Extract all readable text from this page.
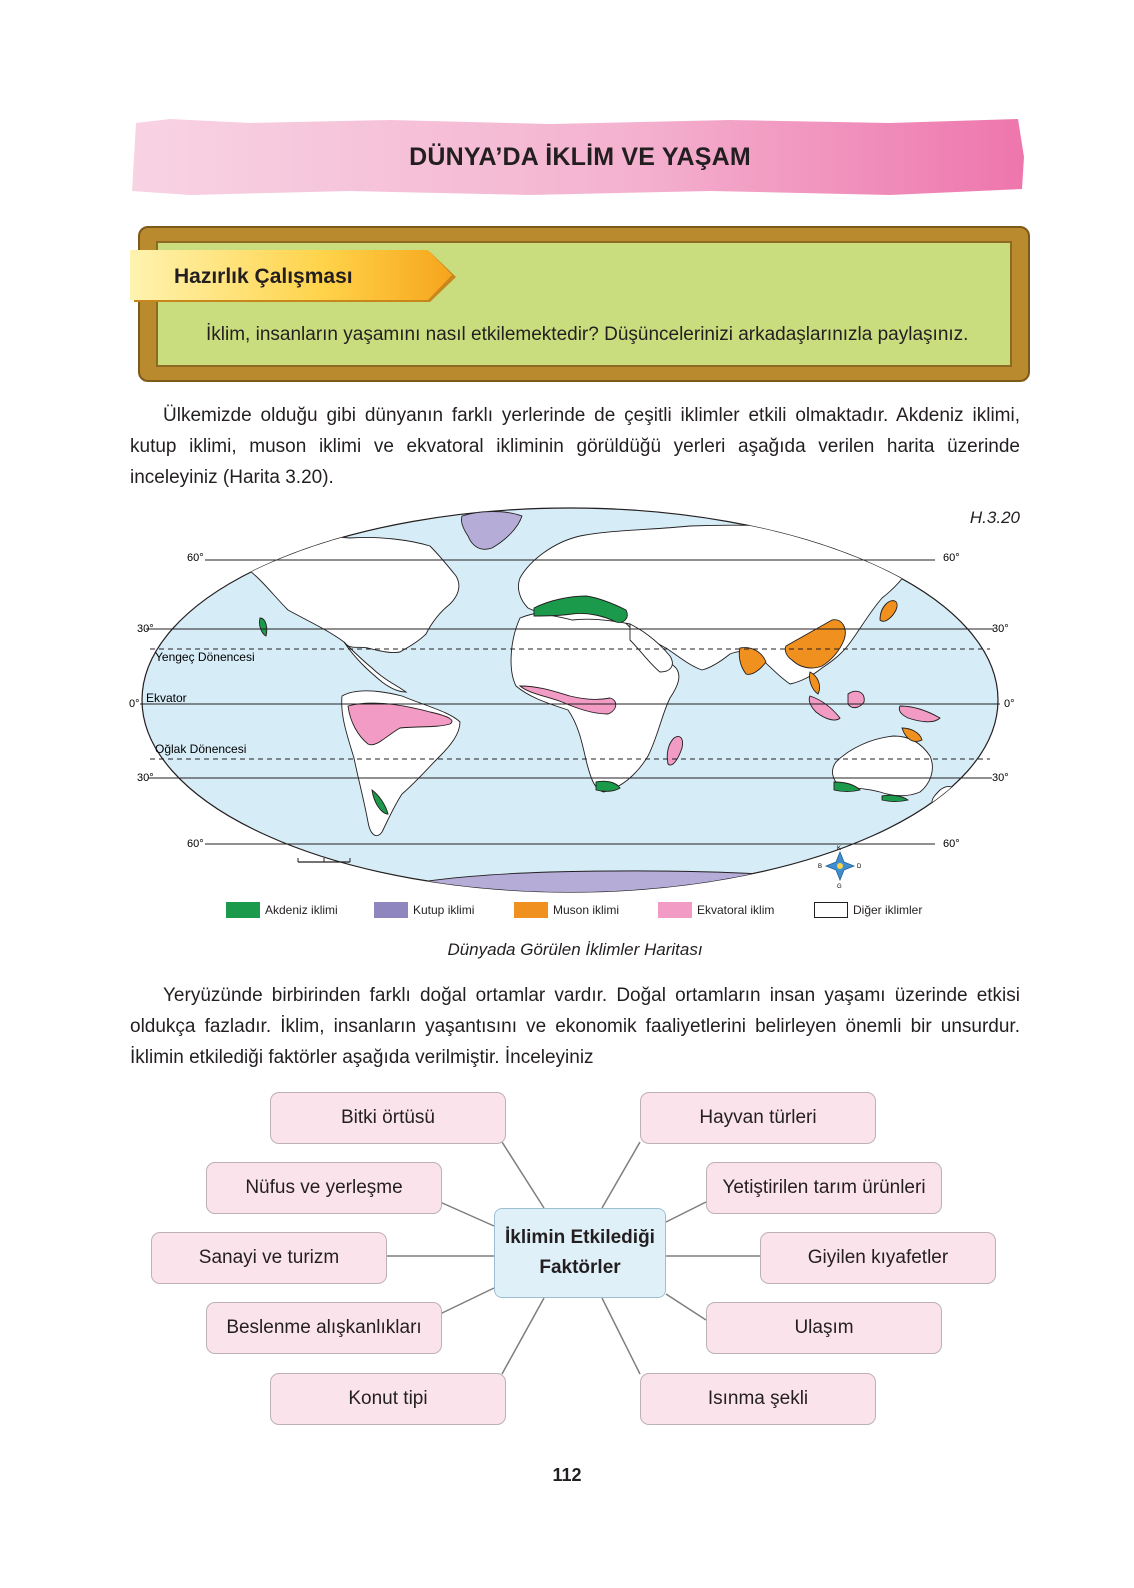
DÜNYA’DA İKLİM VE YAŞAM
Hazırlık Çalışması
İklim, insanların yaşamını nasıl etkilemektedir? Düşüncelerinizi arkadaşlarınızla paylaşınız.
Ülkemizde olduğu gibi dünyanın farklı yerlerinde de çeşitli iklimler etkili olmaktadır. Akdeniz iklimi, kutup iklimi, muson iklimi ve ekvatoral ikliminin görüldüğü yerleri aşağıda verilen harita üzerinde inceleyiniz (Harita 3.20).
H.3.20
60°	60°
30°	30°
0°	0°
30°	30°
60°	60°
Yengeç Dönencesi
Ekvator
Oğlak Dönencesi
K
G
D
B
Akdeniz iklimi	Kutup iklimi	Muson iklimi	Ekvatoral iklim	Diğer iklimler
Dünyada Görülen İklimler Haritası
Yeryüzünde birbirinden farklı doğal ortamlar vardır. Doğal ortamların insan yaşamı üzerinde etkisi oldukça fazladır. İklim, insanların yaşantısını ve ekonomik faaliyetlerini belirleyen önemli bir unsurdur. İklimin etkilediği faktörler aşağıda verilmiştir. İnceleyiniz
Bitki örtüsü
Nüfus ve yerleşme
Sanayi ve turizm
Beslenme alışkanlıkları
Konut tipi
Hayvan türleri
Yetiştirilen tarım ürünleri
Giyilen kıyafetler
Ulaşım
Isınma şekli
İklimin Etkilediği
Faktörler
112
